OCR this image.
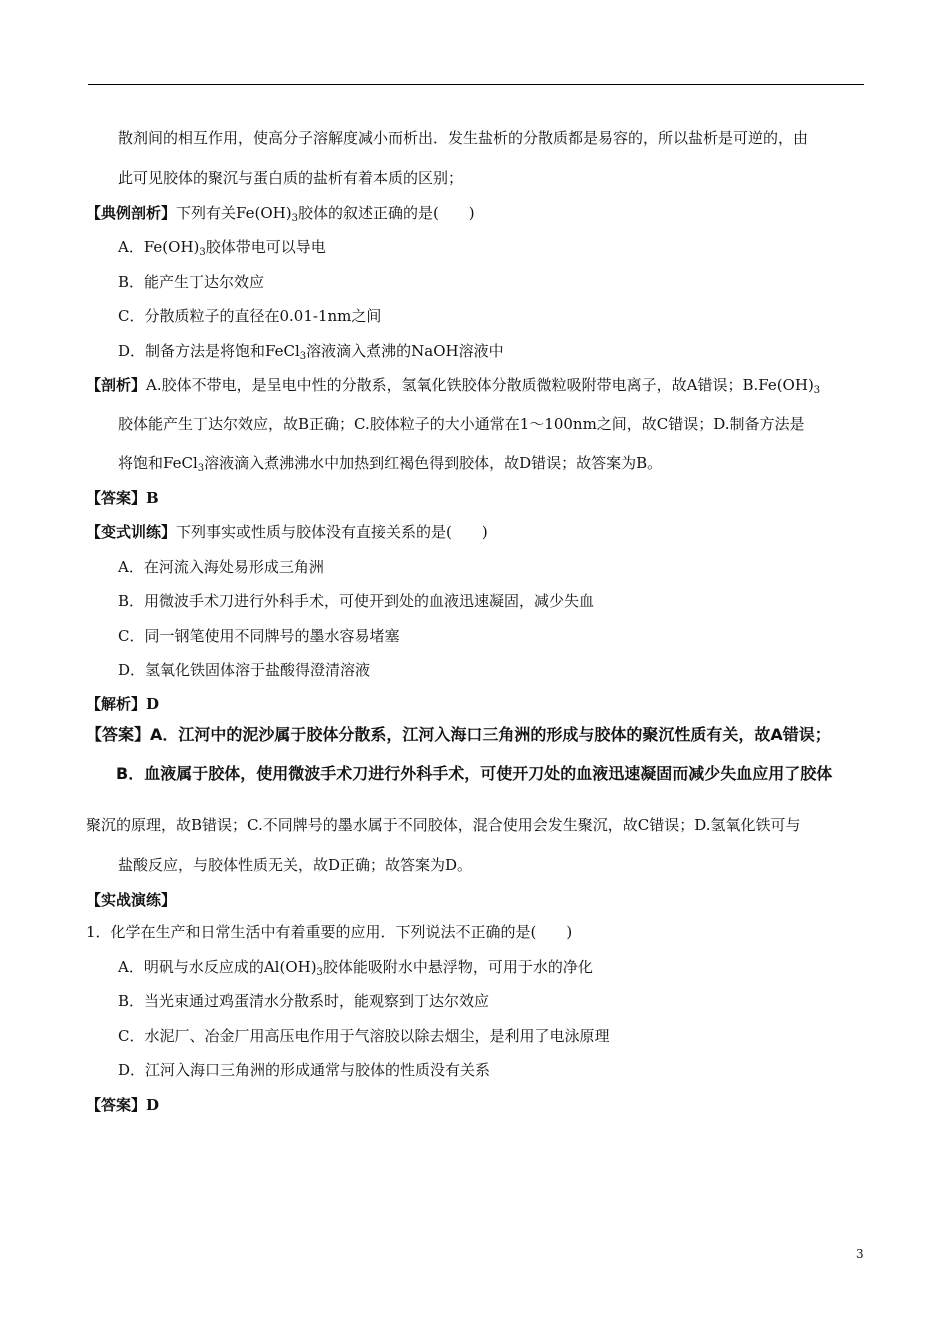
散剂间的相互作用，使高分子溶解度减小而析出．发生盐析的分散质都是易容的，所以盐析是可逆的，由
此可见胶体的聚沉与蛋白质的盐析有着本质的区别；
【典例剖析】下列有关$Fe(OH)_3$胶体的叙述正确的是(　　)
A．$Fe(OH)_3$胶体带电可以导电
B．能产生丁达尔效应
C．分散质粒子的直径在0.01-1nm之间
D．制备方法是将饱和FeCl$_3$溶液滴入煮沸的NaOH溶液中
【剖析】A.胶体不带电，是呈电中性的分散系，氢氧化铁胶体分散质微粒吸附带电离子，故A错误；$B.Fe(OH)_3$
胶体能产生丁达尔效应，故B正确；C.胶体粒子的大小通常在1～100nm之间，故C错误；D.制备方法是
将饱和FeCl$_3$溶液滴入煮沸沸水中加热到红褐色得到胶体，故D错误；故答案为B。
【答案】B
【变式训练】下列事实或性质与胶体没有直接关系的是(　　)
A．在河流入海处易形成三角洲
B．用微波手术刀进行外科手术，可使开到处的血液迅速凝固，减少失血
C．同一钢笔使用不同牌号的墨水容易堵塞
D．氢氧化铁固体溶于盐酸得澄清溶液
【解析】D
【答案】A．江河中的泥沙属于胶体分散系，江河入海口三角洲的形成与胶体的聚沉性质有关，故A错误；
B．血液属于胶体，使用微波手术刀进行外科手术，可使开刀处的血液迅速凝固而减少失血应用了胶体
聚沉的原理，故B错误；C.不同牌号的墨水属于不同胶体，混合使用会发生聚沉，故C错误；D.氢氧化铁可与
盐酸反应，与胶体性质无关，故D正确；故答案为D。
【实战演练】
1．化学在生产和日常生活中有着重要的应用．下列说法不正确的是(　　)
A．明矾与水反应成的$Al(OH)_3$胶体能吸附水中悬浮物，可用于水的净化
B．当光束通过鸡蛋清水分散系时，能观察到丁达尔效应
C．水泥厂、冶金厂用高压电作用于气溶胶以除去烟尘，是利用了电泳原理
D．江河入海口三角洲的形成通常与胶体的性质没有关系
【答案】D
3
